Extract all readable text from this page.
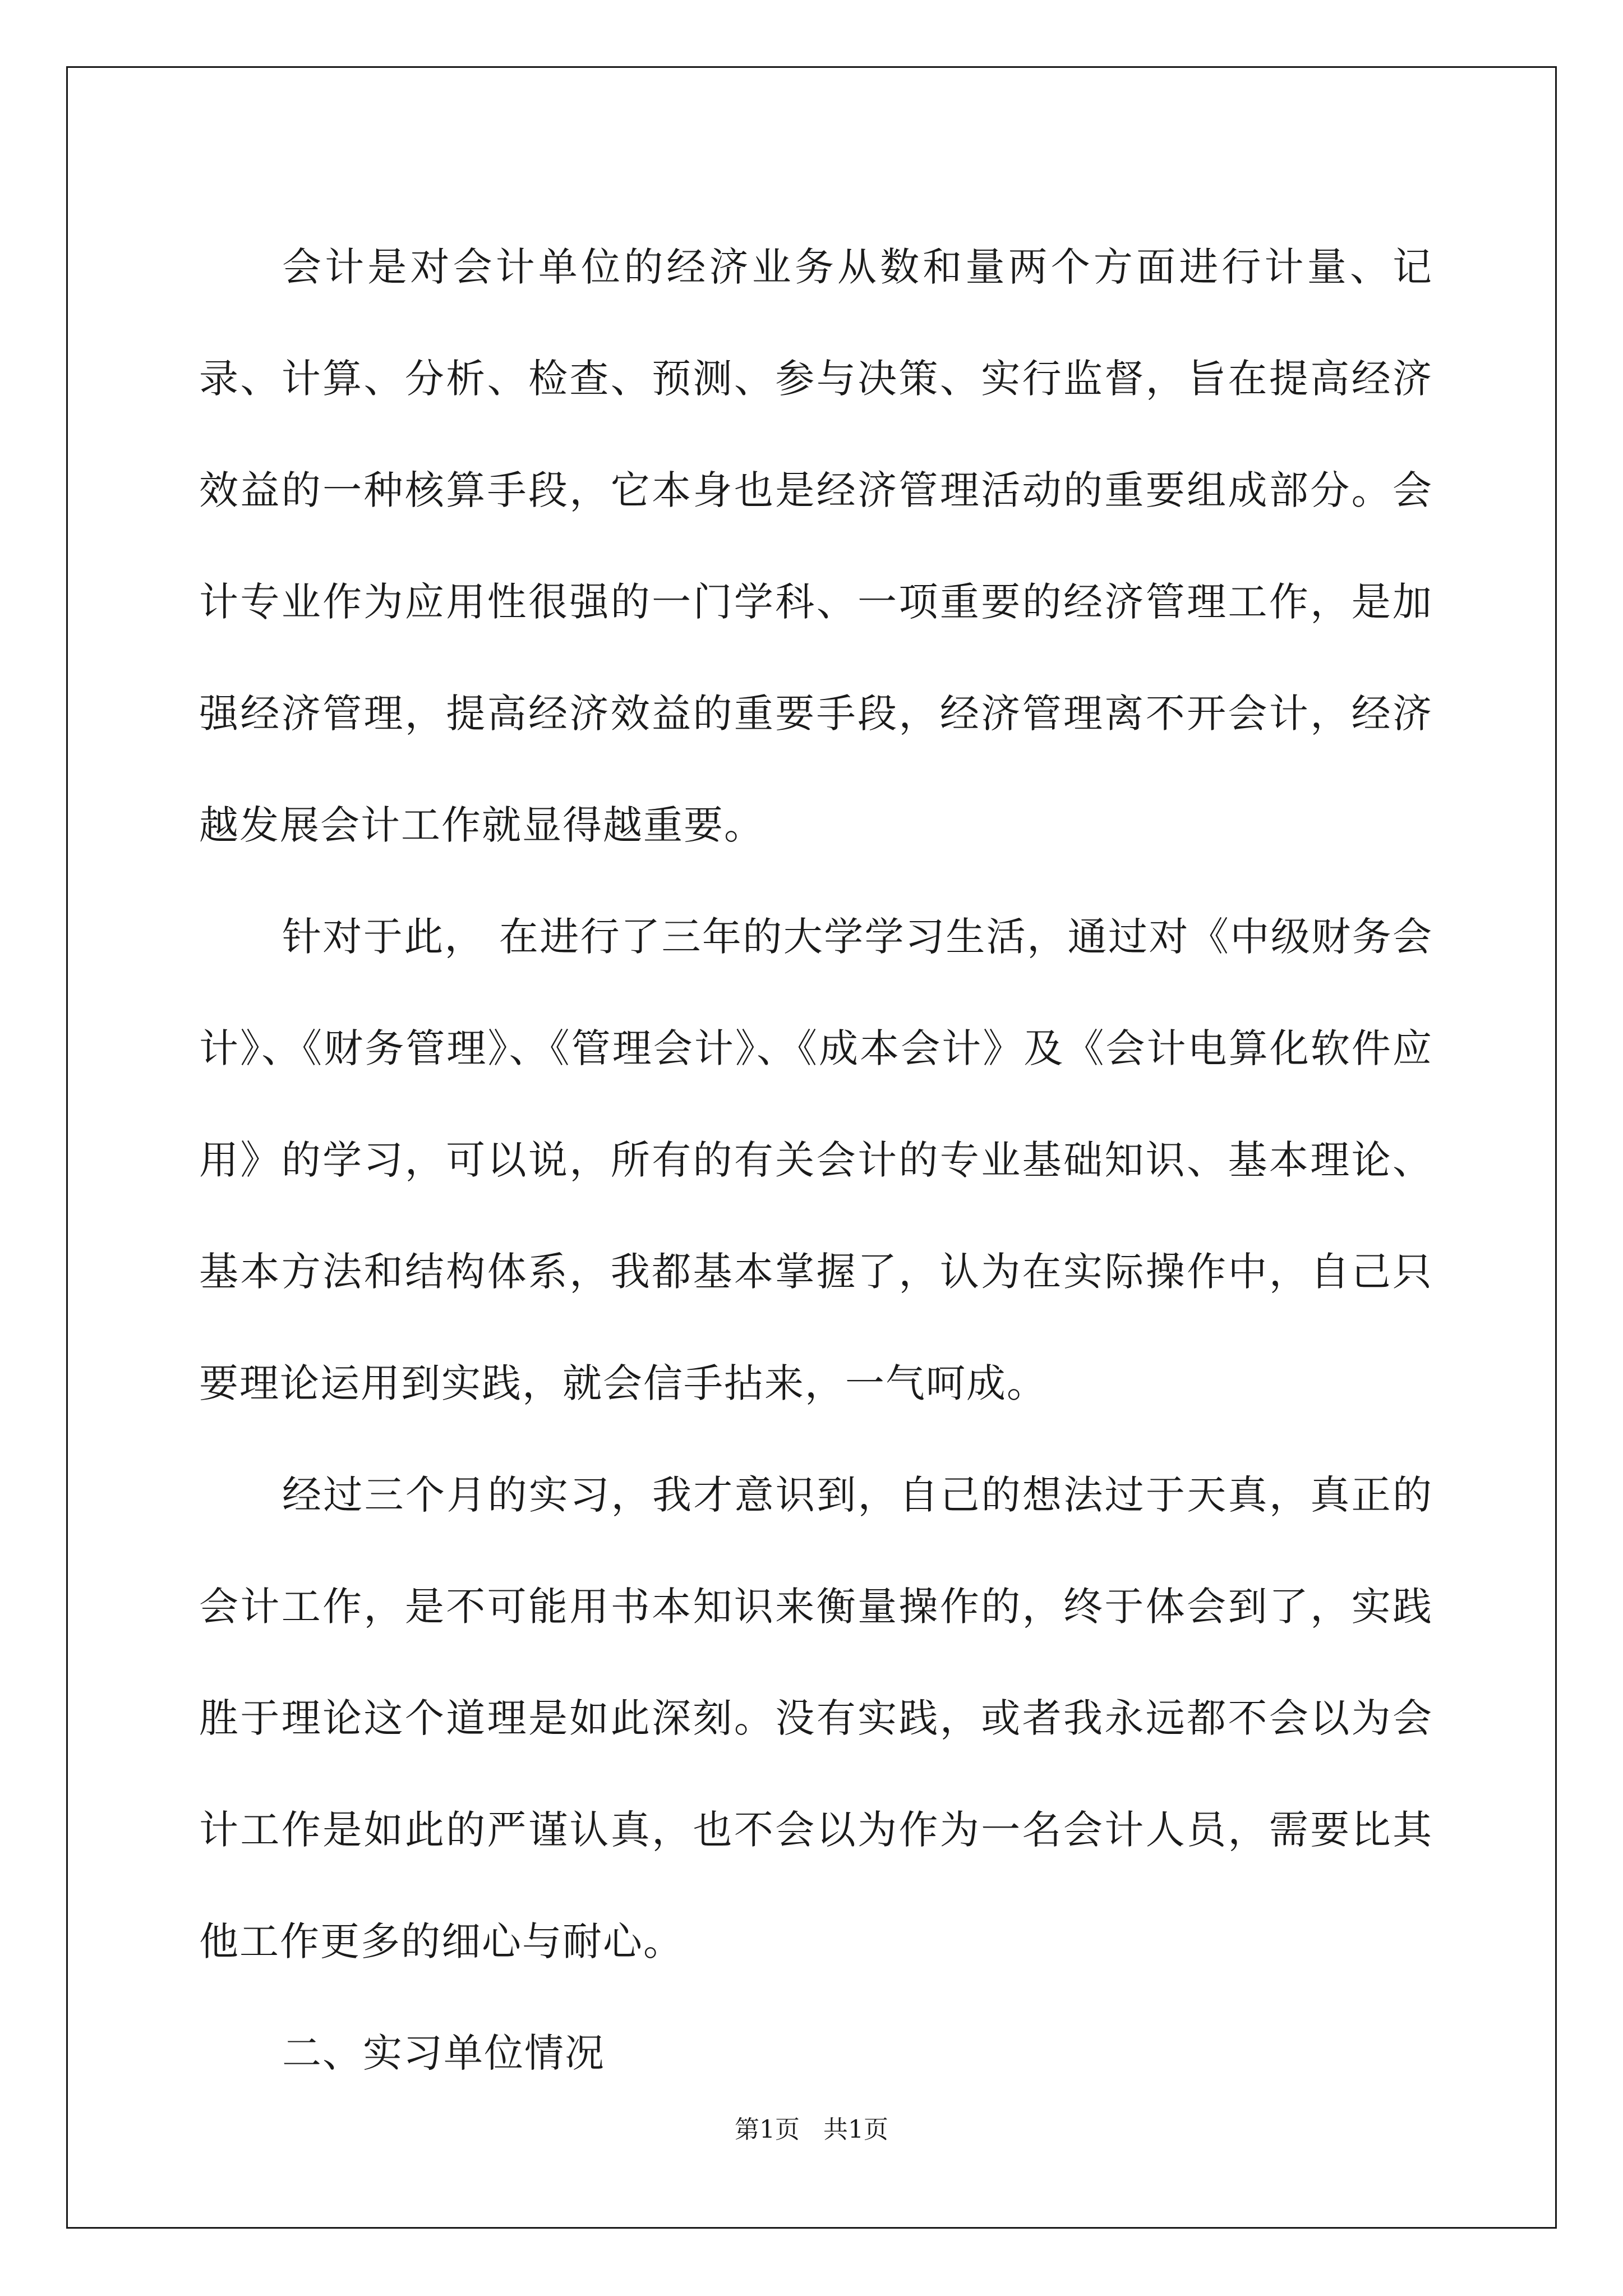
会计是对会计单位的经济业务从数和量两个方面进行计量、记录、计算、分析、检查、预测、参与决策、实行监督，旨在提高经济效益的一种核算手段，它本身也是经济管理活动的重要组成部分。会计专业作为应用性很强的一门学科、一项重要的经济管理工作，是加强经济管理，提高经济效益的重要手段，经济管理离不开会计，经济越发展会计工作就显得越重要。

针对于此， 在进行了三年的大学学习生活，通过对《中级财务会计》、《财务管理》、《管理会计》、《成本会计》及《会计电算化软件应用》的学习，可以说，所有的有关会计的专业基础知识、基本理论、基本方法和结构体系，我都基本掌握了，认为在实际操作中，自己只要理论运用到实践，就会信手拈来，一气呵成。

经过三个月的实习，我才意识到，自己的想法过于天真，真正的会计工作，是不可能用书本知识来衡量操作的，终于体会到了，实践胜于理论这个道理是如此深刻。没有实践，或者我永远都不会以为会计工作是如此的严谨认真，也不会以为作为一名会计人员，需要比其他工作更多的细心与耐心。

二、实习单位情况

第1页   共1页
